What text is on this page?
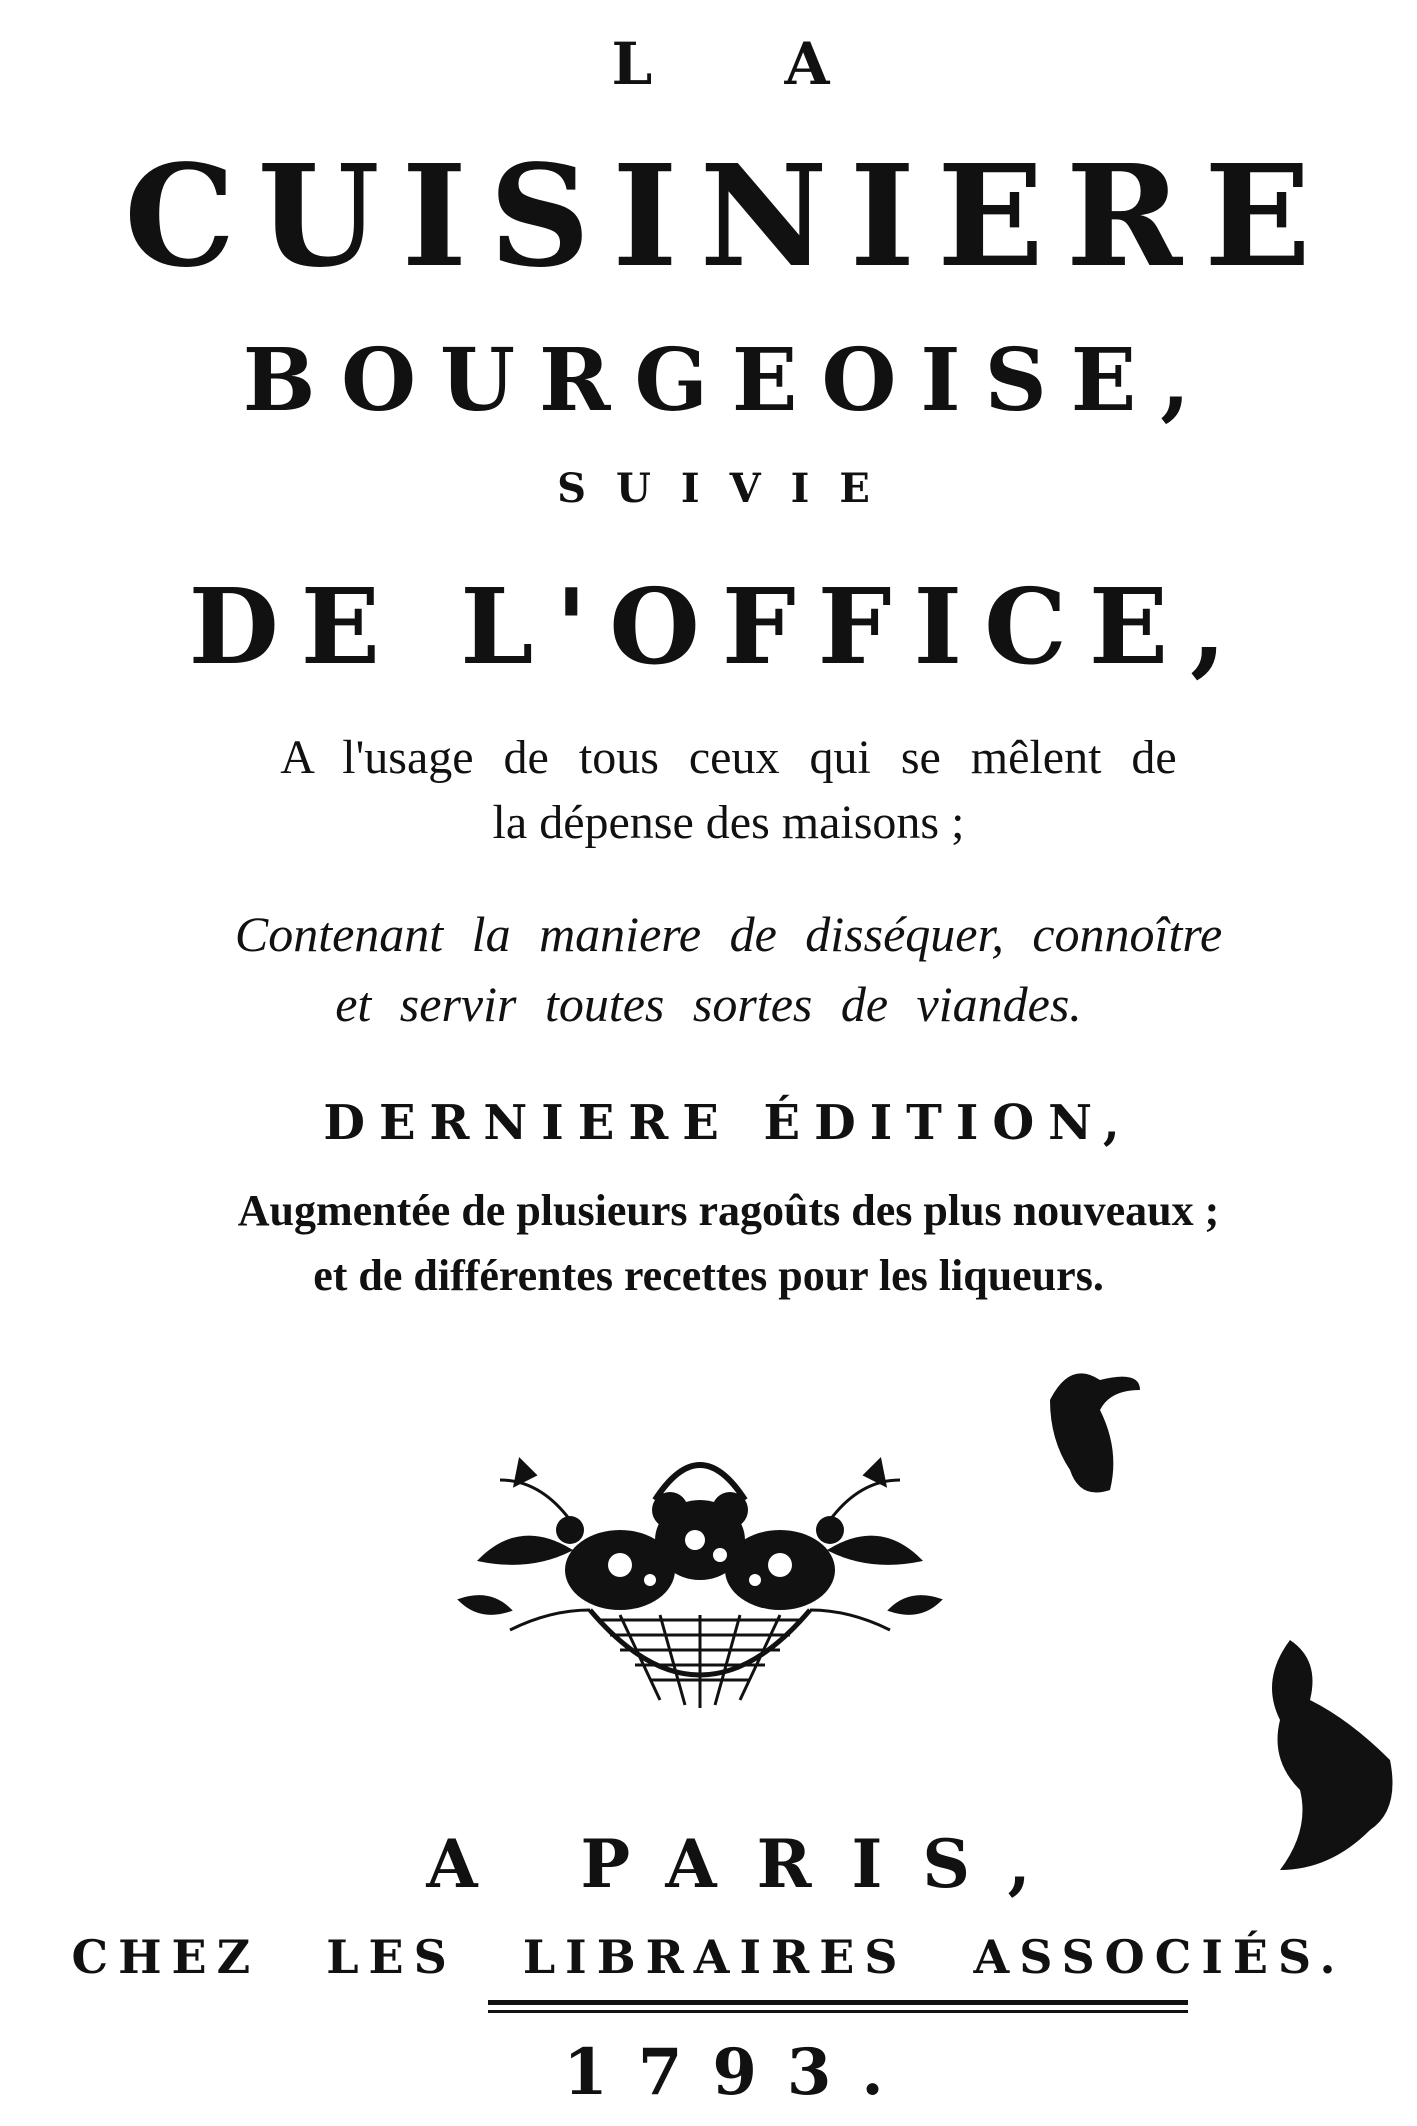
L A
CUISINIERE
BOURGEOISE,
SUIVIE
DE L'OFFICE,
A l'usage de tous ceux qui se mêlent de
la dépense des maisons ;
Contenant la maniere de disséquer, connoître
et servir toutes sortes de viandes.
DERNIERE ÉDITION,
Augmentée de plusieurs ragoûts des plus nouveaux ;
et de différentes recettes pour les liqueurs.
A PARIS,
CHEZ LES LIBRAIRES ASSOCIÉS.
1793.
